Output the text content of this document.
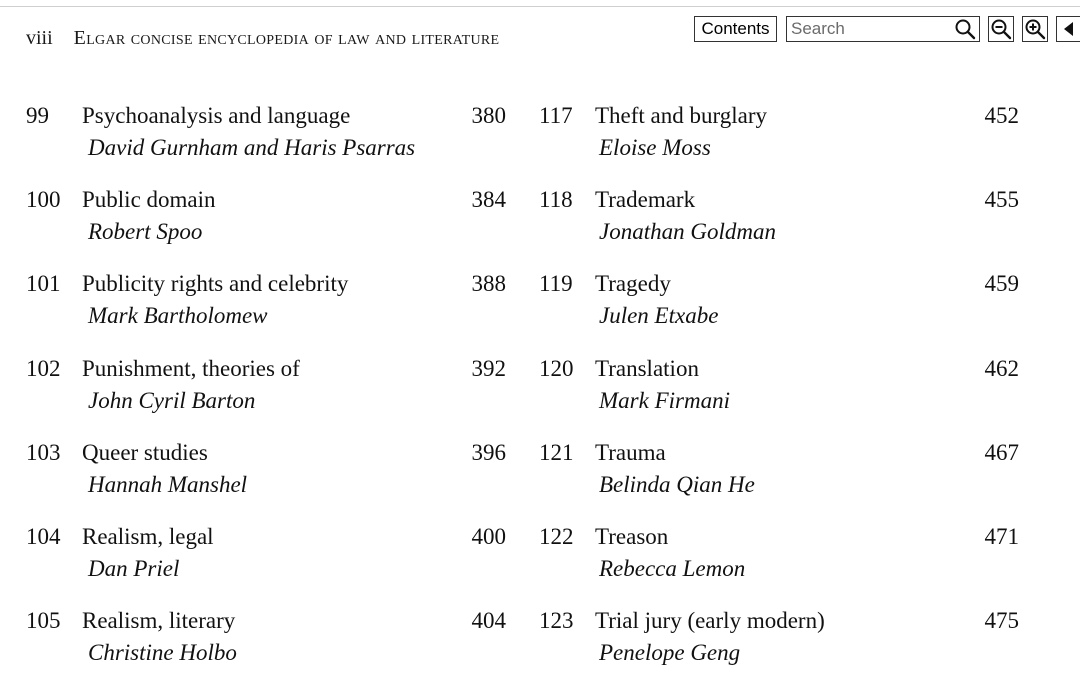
viii Elgar concise encyclopedia of law and literature	Contents
Search
99 Psychoanalysis and language
David Gurnham and Haris Psarras
380
100 Public domain
Robert Spoo
384
101 Publicity rights and celebrity
Mark Bartholomew
388
102 Punishment, theories of
John Cyril Barton
392
103 Queer studies
Hannah Manshel
396
104 Realism, legal
Dan Priel
400
105 Realism, literary
Christine Holbo
404
117 Theft and burglary
Eloise Moss
452
118 Trademark
Jonathan Goldman
455
119 Tragedy
Julen Etxabe
459
120 Translation
Mark Firmani
462
121 Trauma
Belinda Qian He
467
122 Treason
Rebecca Lemon
471
123 Trial jury (early modern)
Penelope Geng
475
